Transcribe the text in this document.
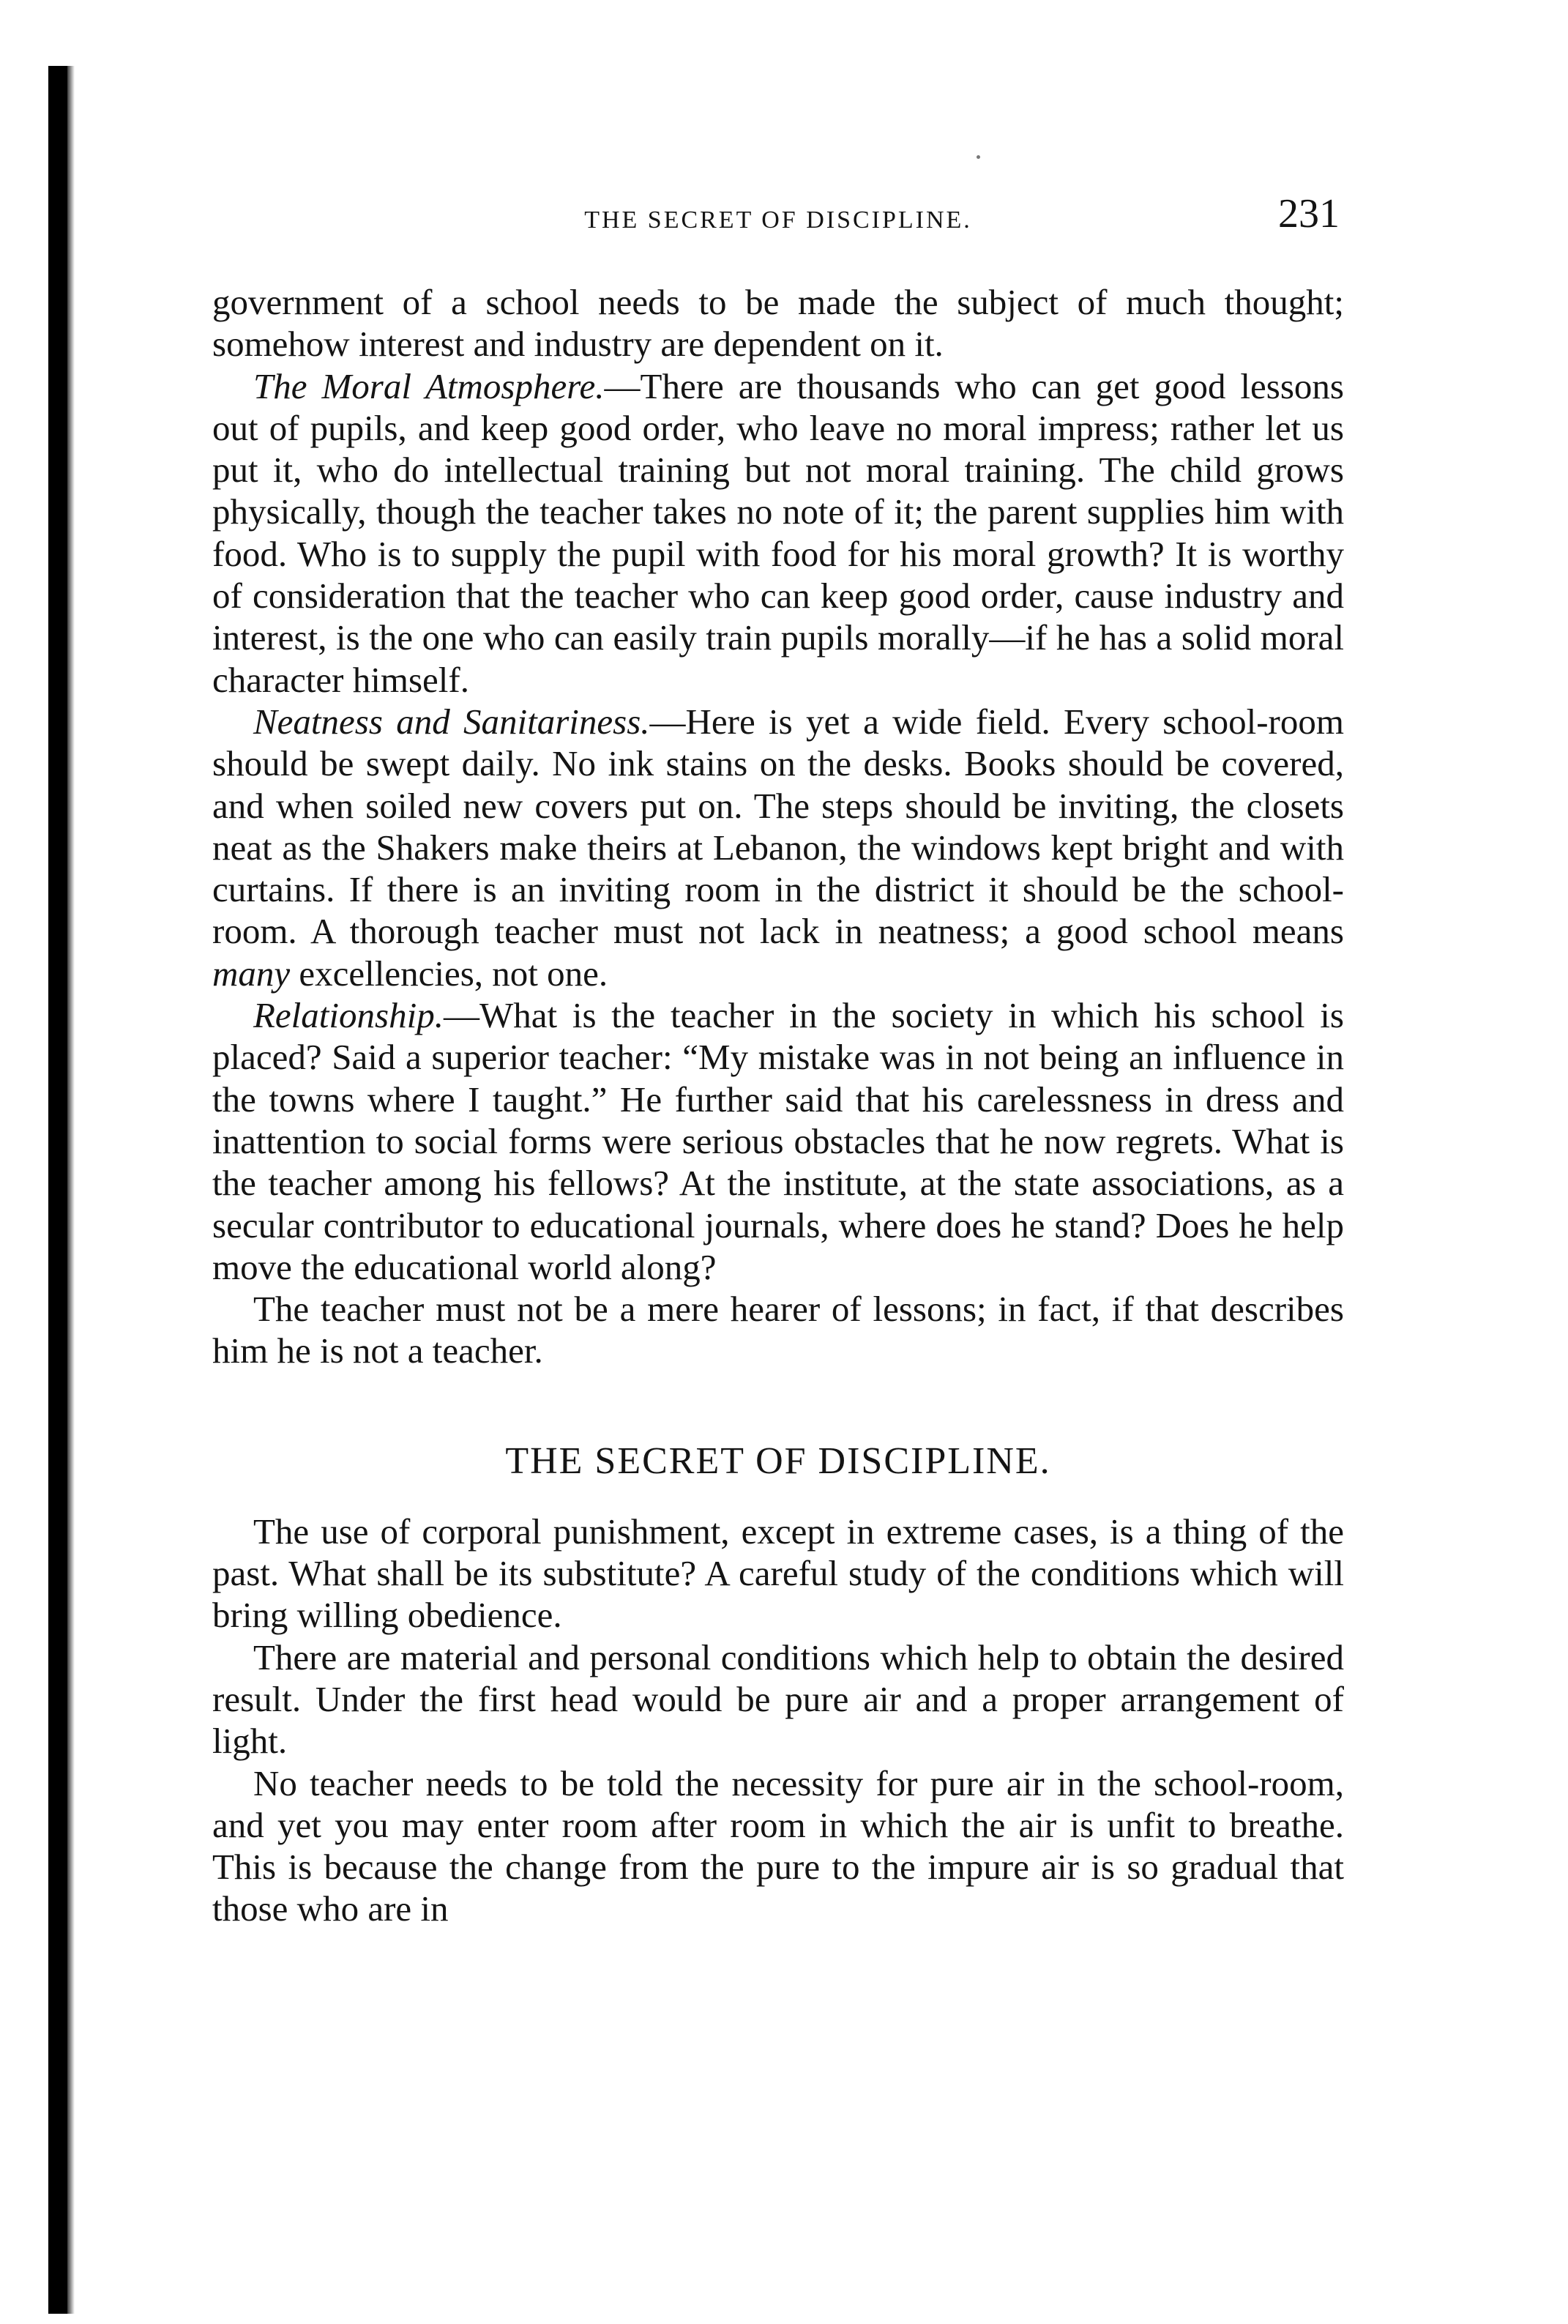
THE SECRET OF DISCIPLINE.	231

government of a school needs to be made the subject of much thought; somehow interest and industry are dependent on it.

The Moral Atmosphere.—There are thousands who can get good lessons out of pupils, and keep good order, who leave no moral impress; rather let us put it, who do intellectual training but not moral training. The child grows physically, though the teacher takes no note of it; the parent supplies him with food. Who is to supply the pupil with food for his moral growth? It is worthy of consideration that the teacher who can keep good order, cause industry and interest, is the one who can easily train pupils morally—if he has a solid moral character himself.

Neatness and Sanitariness.—Here is yet a wide field. Every school-room should be swept daily. No ink stains on the desks. Books should be covered, and when soiled new covers put on. The steps should be inviting, the closets neat as the Shakers make theirs at Lebanon, the windows kept bright and with curtains. If there is an inviting room in the district it should be the school-room. A thorough teacher must not lack in neatness; a good school means many excellencies, not one.

Relationship.—What is the teacher in the society in which his school is placed? Said a superior teacher: “My mistake was in not being an influence in the towns where I taught.” He further said that his carelessness in dress and inattention to social forms were serious obstacles that he now regrets. What is the teacher among his fellows? At the institute, at the state associations, as a secular contributor to educational journals, where does he stand? Does he help move the educational world along?

The teacher must not be a mere hearer of lessons; in fact, if that describes him he is not a teacher.

THE SECRET OF DISCIPLINE.

The use of corporal punishment, except in extreme cases, is a thing of the past. What shall be its substitute? A careful study of the conditions which will bring willing obedience.

There are material and personal conditions which help to obtain the desired result. Under the first head would be pure air and a proper arrangement of light.

No teacher needs to be told the necessity for pure air in the school-room, and yet you may enter room after room in which the air is unfit to breathe. This is because the change from the pure to the impure air is so gradual that those who are in
